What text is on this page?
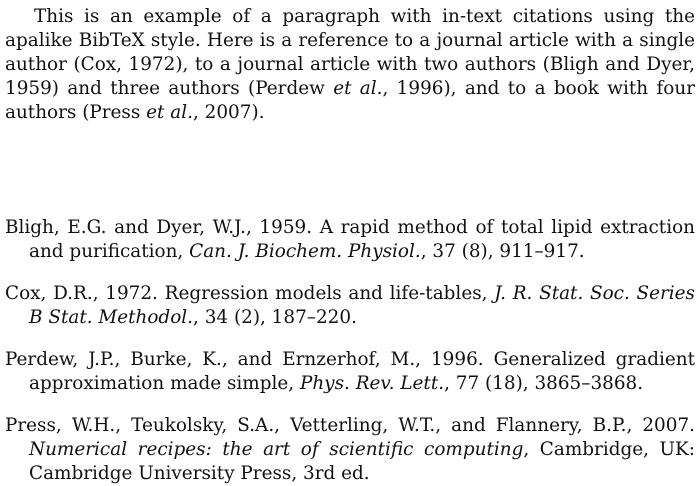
This is an example of a paragraph with in-text citations using the apalike BibTeX style. Here is a reference to a journal article with a single author (Cox, 1972), to a journal article with two authors (Bligh and Dyer, 1959) and three authors (Perdew et al., 1996), and to a book with four authors (Press et al., 2007).

Bligh, E.G. and Dyer, W.J., 1959. A rapid method of total lipid extraction and purification, Can. J. Biochem. Physiol., 37 (8), 911–917.

Cox, D.R., 1972. Regression models and life-tables, J. R. Stat. Soc. Series B Stat. Methodol., 34 (2), 187–220.

Perdew, J.P., Burke, K., and Ernzerhof, M., 1996. Generalized gradient approximation made simple, Phys. Rev. Lett., 77 (18), 3865–3868.

Press, W.H., Teukolsky, S.A., Vetterling, W.T., and Flannery, B.P., 2007. Numerical recipes: the art of scientific computing, Cambridge, UK: Cambridge University Press, 3rd ed.
